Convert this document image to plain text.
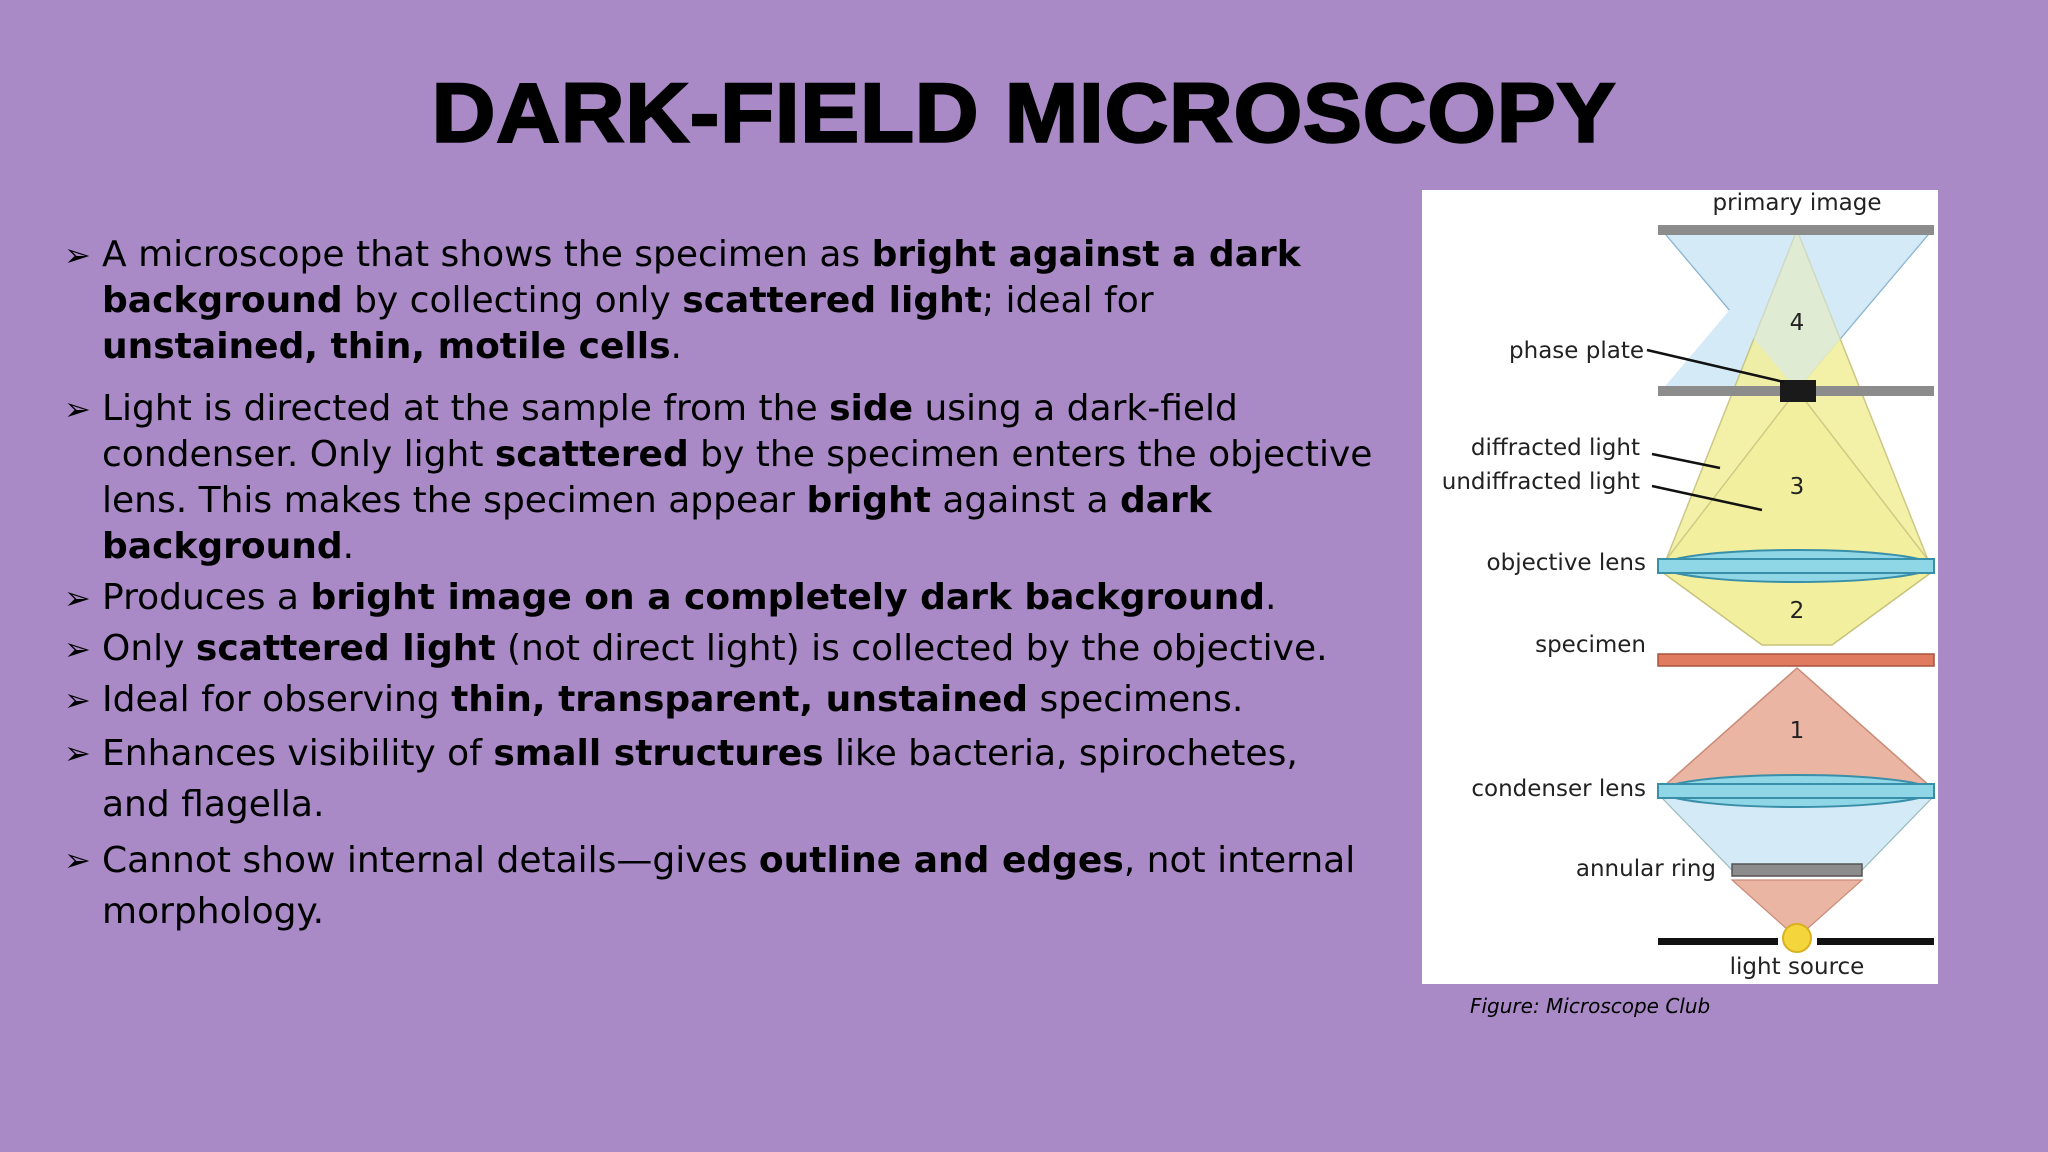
DARK-FIELD MICROSCOPY
➢ A microscope that shows the specimen as bright against a dark background by collecting only scattered light; ideal for unstained, thin, motile cells.
➢ Light is directed at the sample from the side using a dark-field condenser. Only light scattered by the specimen enters the objective lens. This makes the specimen appear bright against a dark background.
➢ Produces a bright image on a completely dark background.
➢ Only scattered light (not direct light) is collected by the objective.
➢ Ideal for observing thin, transparent, unstained specimens.
➢ Enhances visibility of small structures like bacteria, spirochetes, and flagella.
➢ Cannot show internal details—gives outline and edges, not internal morphology.
primary image
phase plate
diffracted light
undiffracted light
objective lens
specimen
condenser lens
annular ring
light source
4
3
2
1
Figure: Microscope Club
